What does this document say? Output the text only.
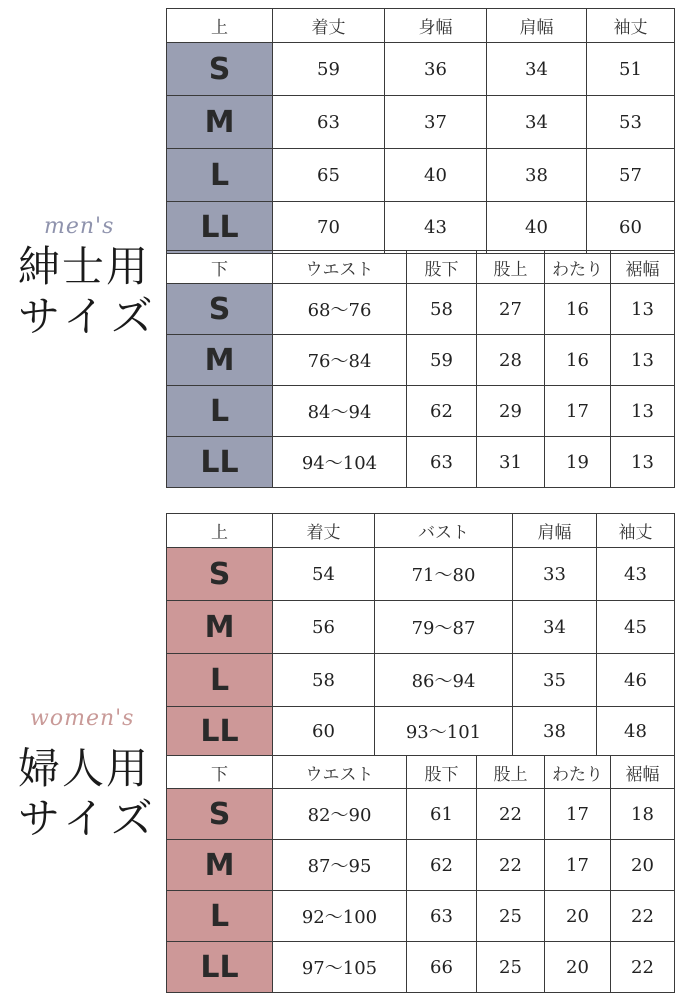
men's
紳士用
サイズ
women's
婦人用
サイズ
上	着丈	身幅	肩幅	袖丈
S	59	36	34	51
M	63	37	34	53
L	65	40	38	57
LL	70	43	40	60
下	ウエスト	股下	股上	わたり	裾幅
S	68〜76	58	27	16	13
M	76〜84	59	28	16	13
L	84〜94	62	29	17	13
LL	94〜104	63	31	19	13
上	着丈	バスト	肩幅	袖丈
S	54	71〜80	33	43
M	56	79〜87	34	45
L	58	86〜94	35	46
LL	60	93〜101	38	48
下	ウエスト	股下	股上	わたり	裾幅
S	82〜90	61	22	17	18
M	87〜95	62	22	17	20
L	92〜100	63	25	20	22
LL	97〜105	66	25	20	22
